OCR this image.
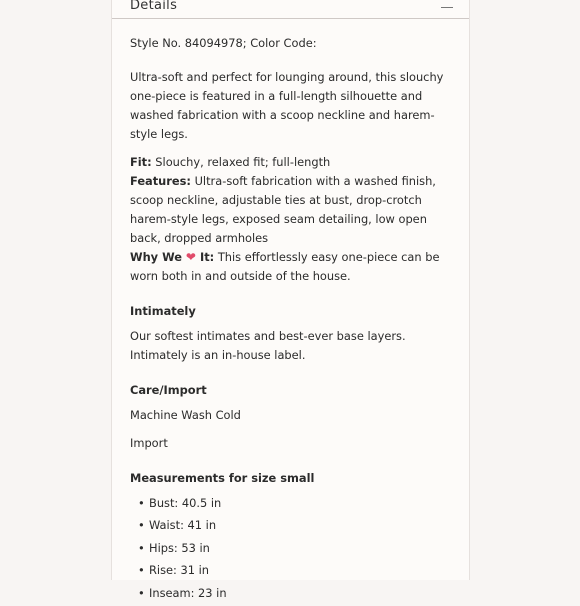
Details

Style No. 84094978; Color Code:

Ultra-soft and perfect for lounging around, this slouchy one-piece is featured in a full-length silhouette and washed fabrication with a scoop neckline and harem-style legs.

Fit: Slouchy, relaxed fit; full-length

Features: Ultra-soft fabrication with a washed finish, scoop neckline, adjustable ties at bust, drop-crotch harem-style legs, exposed seam detailing, low open back, dropped armholes

Why We ❤ It: This effortlessly easy one-piece can be worn both in and outside of the house.

Intimately

Our softest intimates and best-ever base layers. Intimately is an in-house label.

Care/Import

Machine Wash Cold

Import

Measurements for size small

• Bust: 40.5 in
• Waist: 41 in
• Hips: 53 in
• Rise: 31 in
• Inseam: 23 in
